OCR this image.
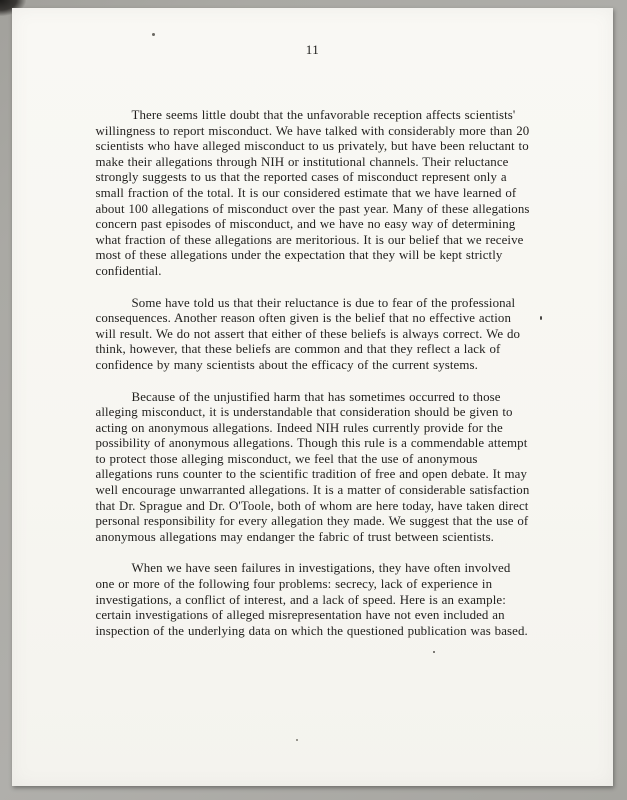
11

There seems little doubt that the unfavorable reception affects scientists' willingness to report misconduct. We have talked with considerably more than 20 scientists who have alleged misconduct to us privately, but have been reluctant to make their allegations through NIH or institutional channels. Their reluctance strongly suggests to us that the reported cases of misconduct represent only a small fraction of the total. It is our considered estimate that we have learned of about 100 allegations of misconduct over the past year. Many of these allegations concern past episodes of misconduct, and we have no easy way of determining what fraction of these allegations are meritorious. It is our belief that we receive most of these allegations under the expectation that they will be kept strictly confidential.

Some have told us that their reluctance is due to fear of the professional consequences. Another reason often given is the belief that no effective action will result. We do not assert that either of these beliefs is always correct. We do think, however, that these beliefs are common and that they reflect a lack of confidence by many scientists about the efficacy of the current systems.

Because of the unjustified harm that has sometimes occurred to those alleging misconduct, it is understandable that consideration should be given to acting on anonymous allegations. Indeed NIH rules currently provide for the possibility of anonymous allegations. Though this rule is a commendable attempt to protect those alleging misconduct, we feel that the use of anonymous allegations runs counter to the scientific tradition of free and open debate. It may well encourage unwarranted allegations. It is a matter of considerable satisfaction that Dr. Sprague and Dr. O'Toole, both of whom are here today, have taken direct personal responsibility for every allegation they made. We suggest that the use of anonymous allegations may endanger the fabric of trust between scientists.

When we have seen failures in investigations, they have often involved one or more of the following four problems: secrecy, lack of experience in investigations, a conflict of interest, and a lack of speed. Here is an example: certain investigations of alleged misrepresentation have not even included an inspection of the underlying data on which the questioned publication was based.
